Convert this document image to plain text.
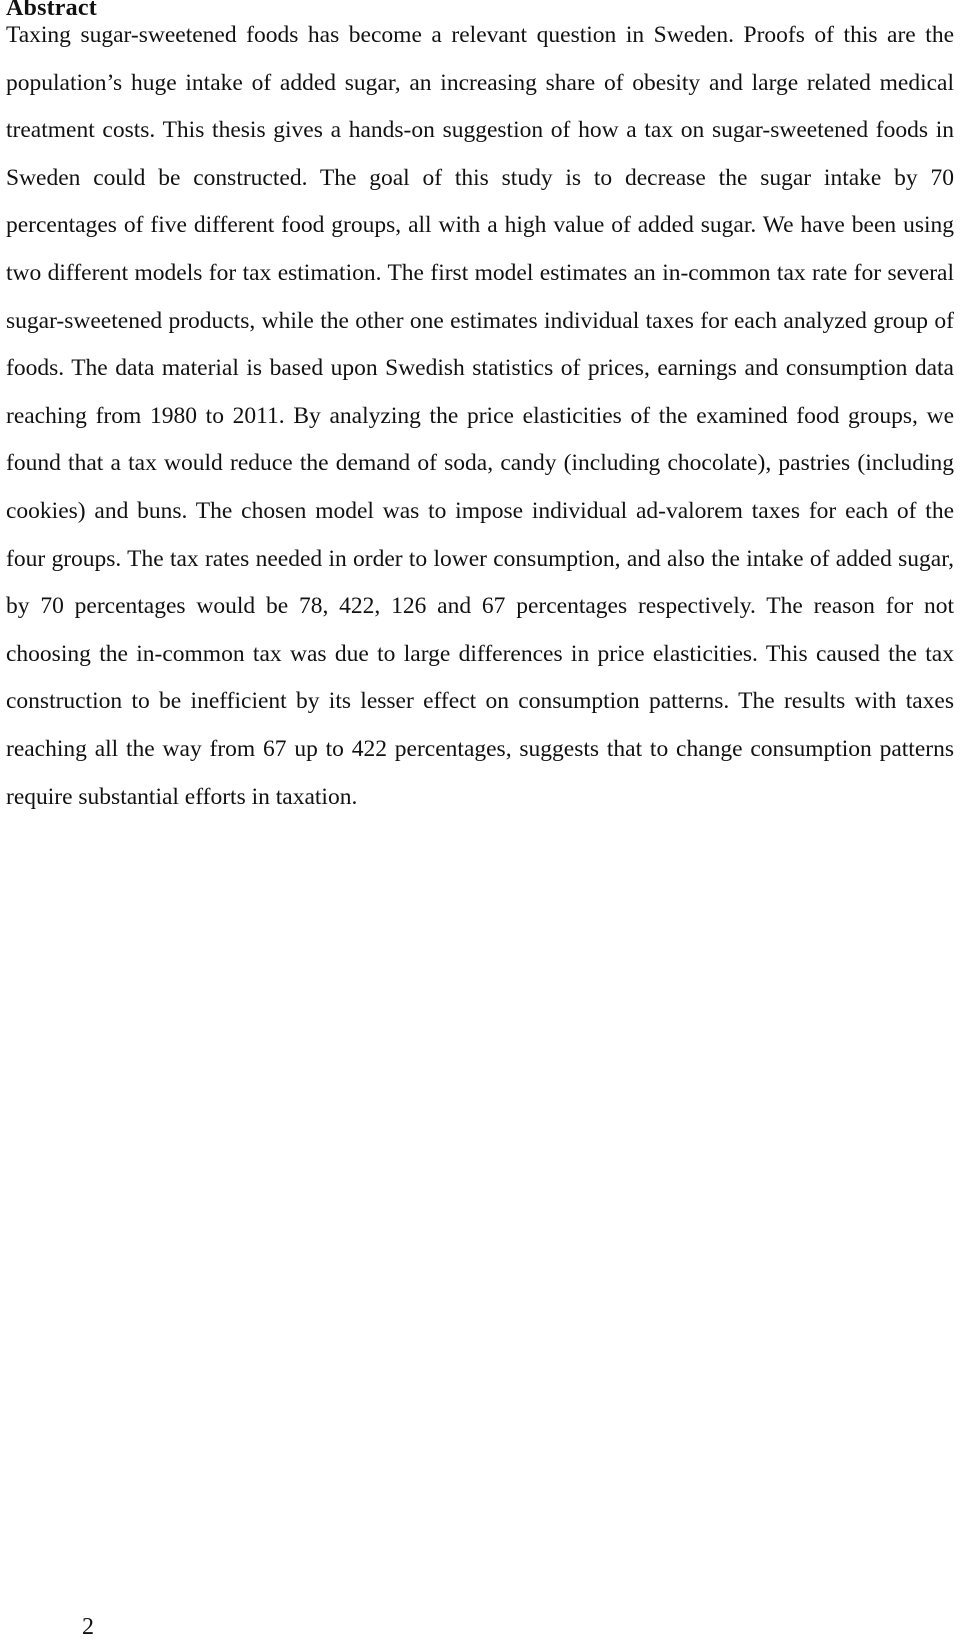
Abstract

Taxing sugar-sweetened foods has become a relevant question in Sweden. Proofs of this are the population’s huge intake of added sugar, an increasing share of obesity and large related medical treatment costs. This thesis gives a hands-on suggestion of how a tax on sugar-sweetened foods in Sweden could be constructed. The goal of this study is to decrease the sugar intake by 70 percentages of five different food groups, all with a high value of added sugar. We have been using two different models for tax estimation. The first model estimates an in-common tax rate for several sugar-sweetened products, while the other one estimates individual taxes for each analyzed group of foods. The data material is based upon Swedish statistics of prices, earnings and consumption data reaching from 1980 to 2011. By analyzing the price elasticities of the examined food groups, we found that a tax would reduce the demand of soda, candy (including chocolate), pastries (including cookies) and buns. The chosen model was to impose individual ad-valorem taxes for each of the four groups. The tax rates needed in order to lower consumption, and also the intake of added sugar, by 70 percentages would be 78, 422, 126 and 67 percentages respectively. The reason for not choosing the in-common tax was due to large differences in price elasticities. This caused the tax construction to be inefficient by its lesser effect on consumption patterns. The results with taxes reaching all the way from 67 up to 422 percentages, suggests that to change consumption patterns require substantial efforts in taxation.

2
